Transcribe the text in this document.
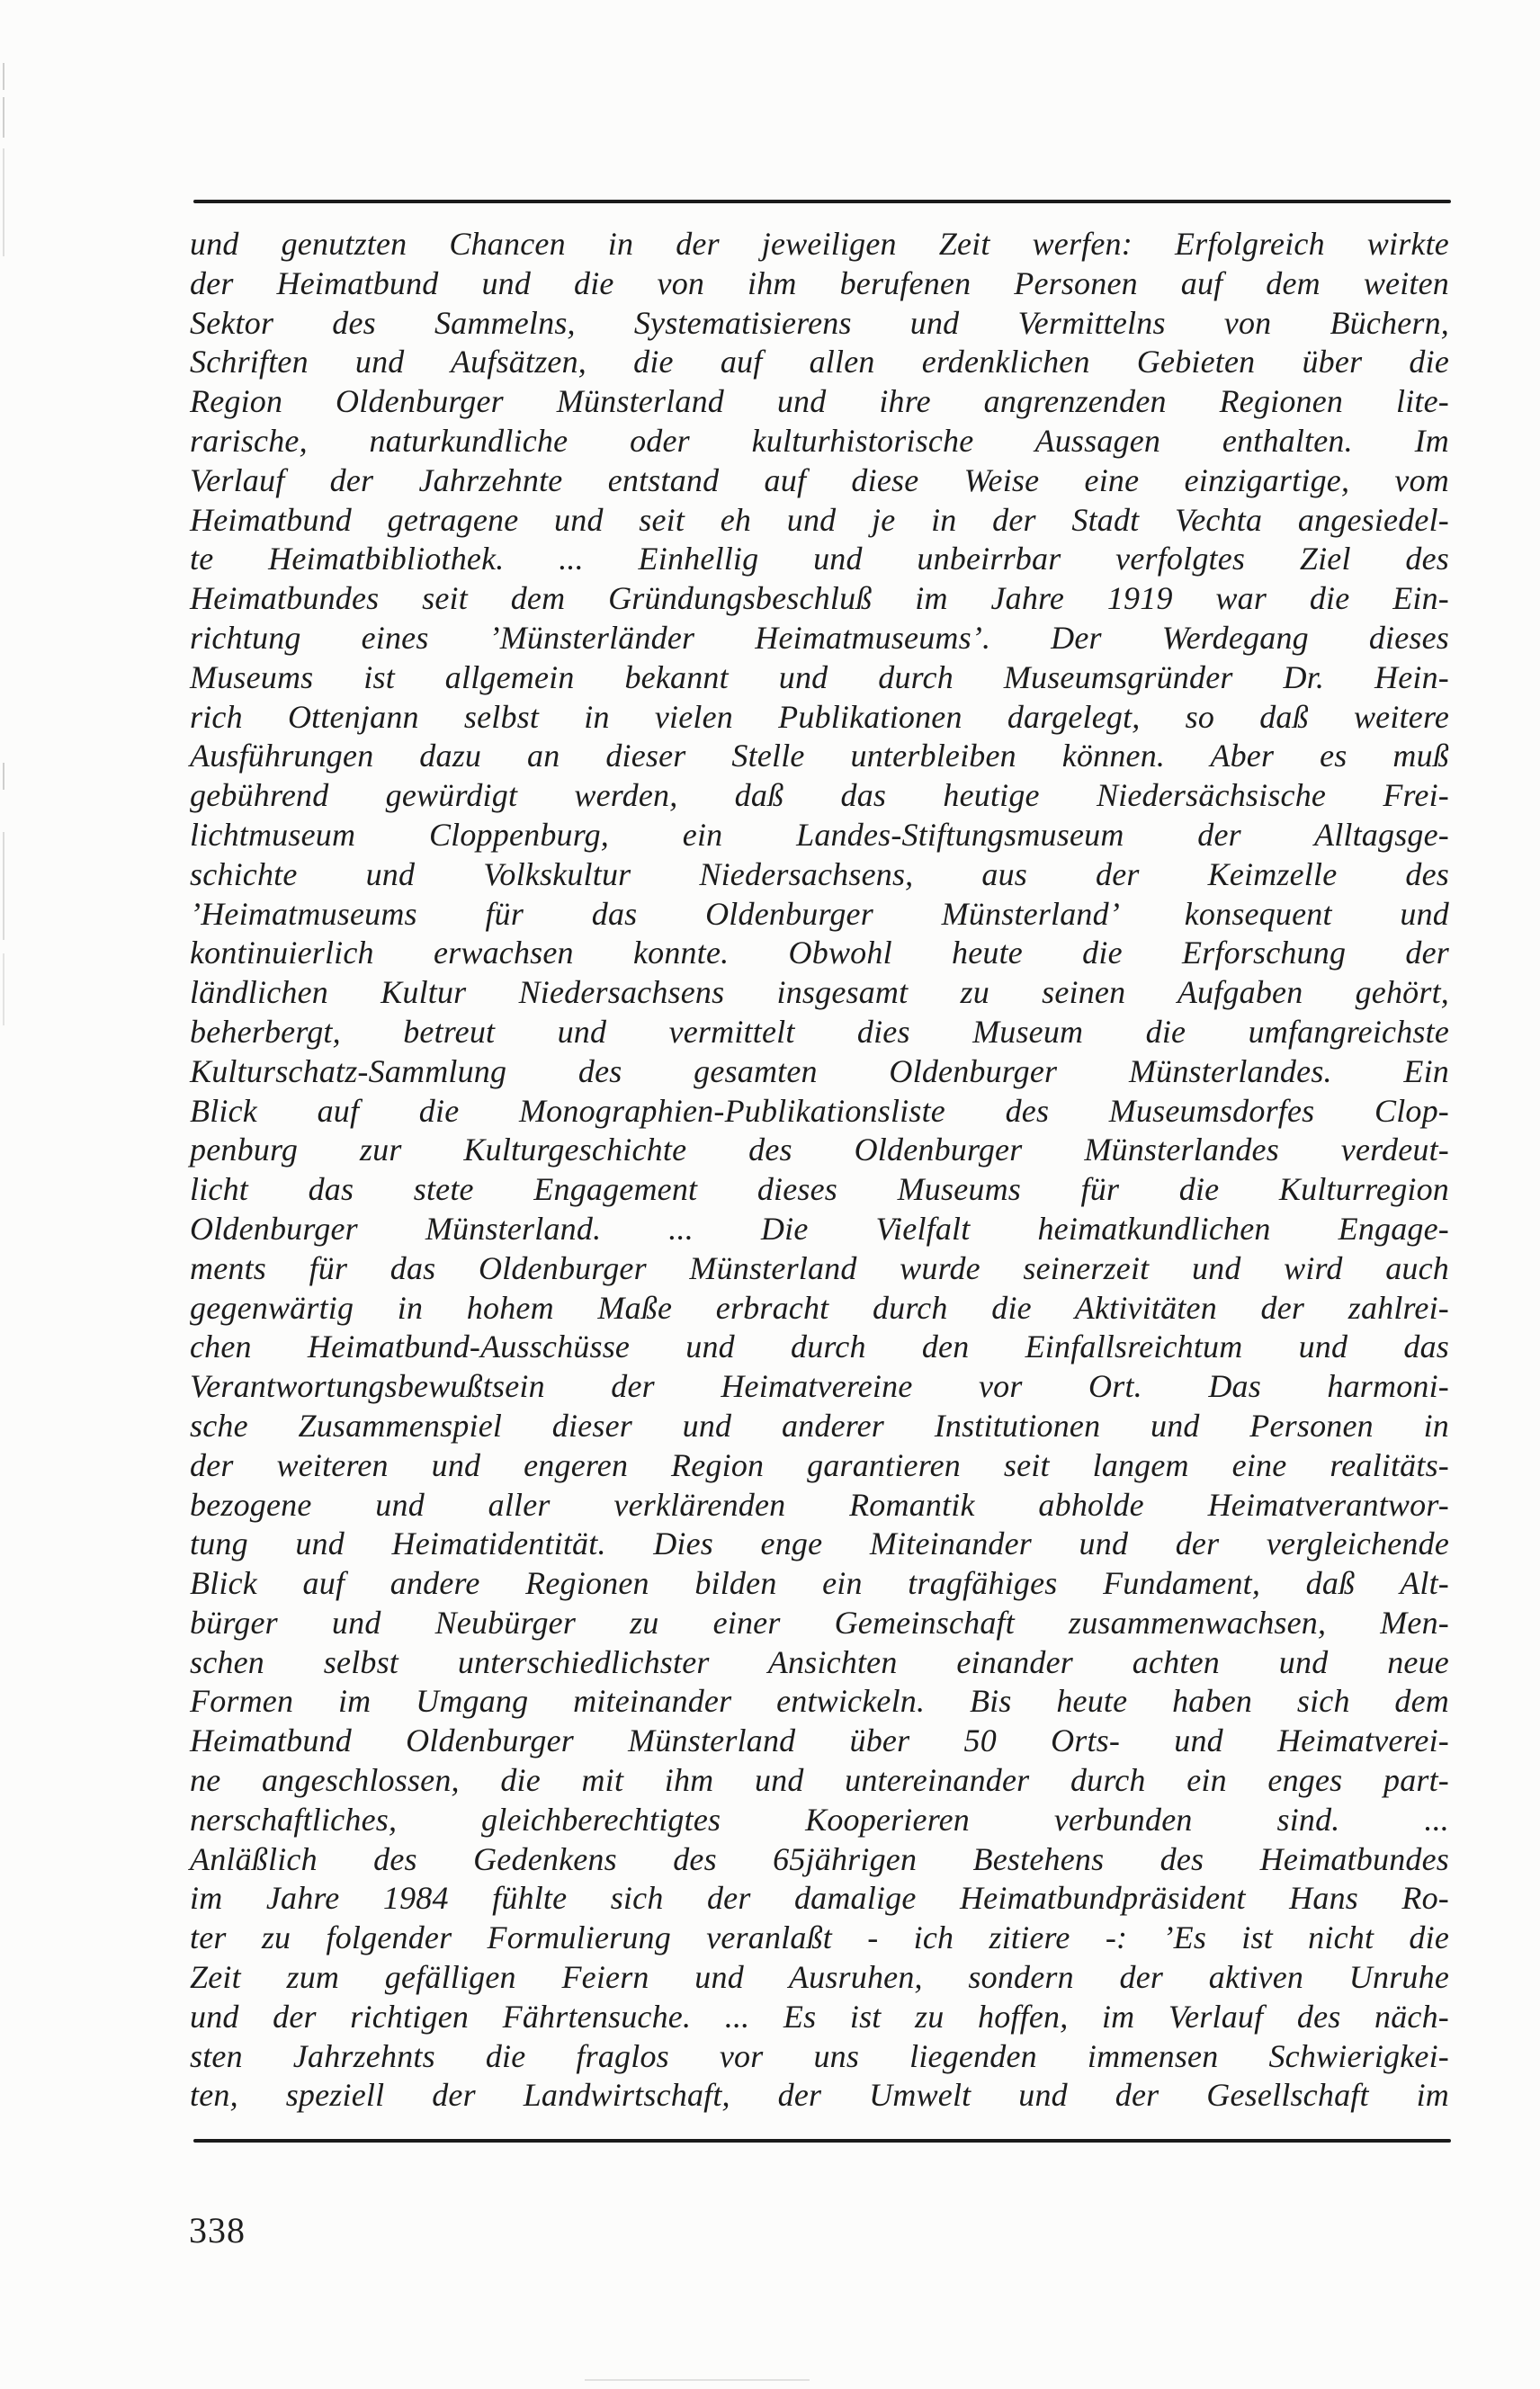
und genutzten Chancen in der jeweiligen Zeit werfen: Erfolgreich wirkte
der Heimatbund und die von ihm berufenen Personen auf dem weiten
Sektor des Sammelns, Systematisierens und Vermittelns von Büchern,
Schriften und Aufsätzen, die auf allen erdenklichen Gebieten über die
Region Oldenburger Münsterland und ihre angrenzenden Regionen lite-
rarische, naturkundliche oder kulturhistorische Aussagen enthalten. Im
Verlauf der Jahrzehnte entstand auf diese Weise eine einzigartige, vom
Heimatbund getragene und seit eh und je in der Stadt Vechta angesiedel-
te Heimatbibliothek. ... Einhellig und unbeirrbar verfolgtes Ziel des
Heimatbundes seit dem Gründungsbeschluß im Jahre 1919 war die Ein-
richtung eines ’Münsterländer Heimatmuseums’. Der Werdegang dieses
Museums ist allgemein bekannt und durch Museumsgründer Dr. Hein-
rich Ottenjann selbst in vielen Publikationen dargelegt, so daß weitere
Ausführungen dazu an dieser Stelle unterbleiben können. Aber es muß
gebührend gewürdigt werden, daß das heutige Niedersächsische Frei-
lichtmuseum Cloppenburg, ein Landes-Stiftungsmuseum der Alltagsge-
schichte und Volkskultur Niedersachsens, aus der Keimzelle des
’Heimatmuseums für das Oldenburger Münsterland’ konsequent und
kontinuierlich erwachsen konnte. Obwohl heute die Erforschung der
ländlichen Kultur Niedersachsens insgesamt zu seinen Aufgaben gehört,
beherbergt, betreut und vermittelt dies Museum die umfangreichste
Kulturschatz-Sammlung des gesamten Oldenburger Münsterlandes. Ein
Blick auf die Monographien-Publikationsliste des Museumsdorfes Clop-
penburg zur Kulturgeschichte des Oldenburger Münsterlandes verdeut-
licht das stete Engagement dieses Museums für die Kulturregion
Oldenburger Münsterland. ... Die Vielfalt heimatkundlichen Engage-
ments für das Oldenburger Münsterland wurde seinerzeit und wird auch
gegenwärtig in hohem Maße erbracht durch die Aktivitäten der zahlrei-
chen Heimatbund-Ausschüsse und durch den Einfallsreichtum und das
Verantwortungsbewußtsein der Heimatvereine vor Ort. Das harmoni-
sche Zusammenspiel dieser und anderer Institutionen und Personen in
der weiteren und engeren Region garantieren seit langem eine realitäts-
bezogene und aller verklärenden Romantik abholde Heimatverantwor-
tung und Heimatidentität. Dies enge Miteinander und der vergleichende
Blick auf andere Regionen bilden ein tragfähiges Fundament, daß Alt-
bürger und Neubürger zu einer Gemeinschaft zusammenwachsen, Men-
schen selbst unterschiedlichster Ansichten einander achten und neue
Formen im Umgang miteinander entwickeln. Bis heute haben sich dem
Heimatbund Oldenburger Münsterland über 50 Orts- und Heimatverei-
ne angeschlossen, die mit ihm und untereinander durch ein enges part-
nerschaftliches, gleichberechtigtes Kooperieren verbunden sind. ...
Anläßlich des Gedenkens des 65jährigen Bestehens des Heimatbundes
im Jahre 1984 fühlte sich der damalige Heimatbundpräsident Hans Ro-
ter zu folgender Formulierung veranlaßt - ich zitiere -: ’Es ist nicht die
Zeit zum gefälligen Feiern und Ausruhen, sondern der aktiven Unruhe
und der richtigen Fährtensuche. ... Es ist zu hoffen, im Verlauf des näch-
sten Jahrzehnts die fraglos vor uns liegenden immensen Schwierigkei-
ten, speziell der Landwirtschaft, der Umwelt und der Gesellschaft im
338
